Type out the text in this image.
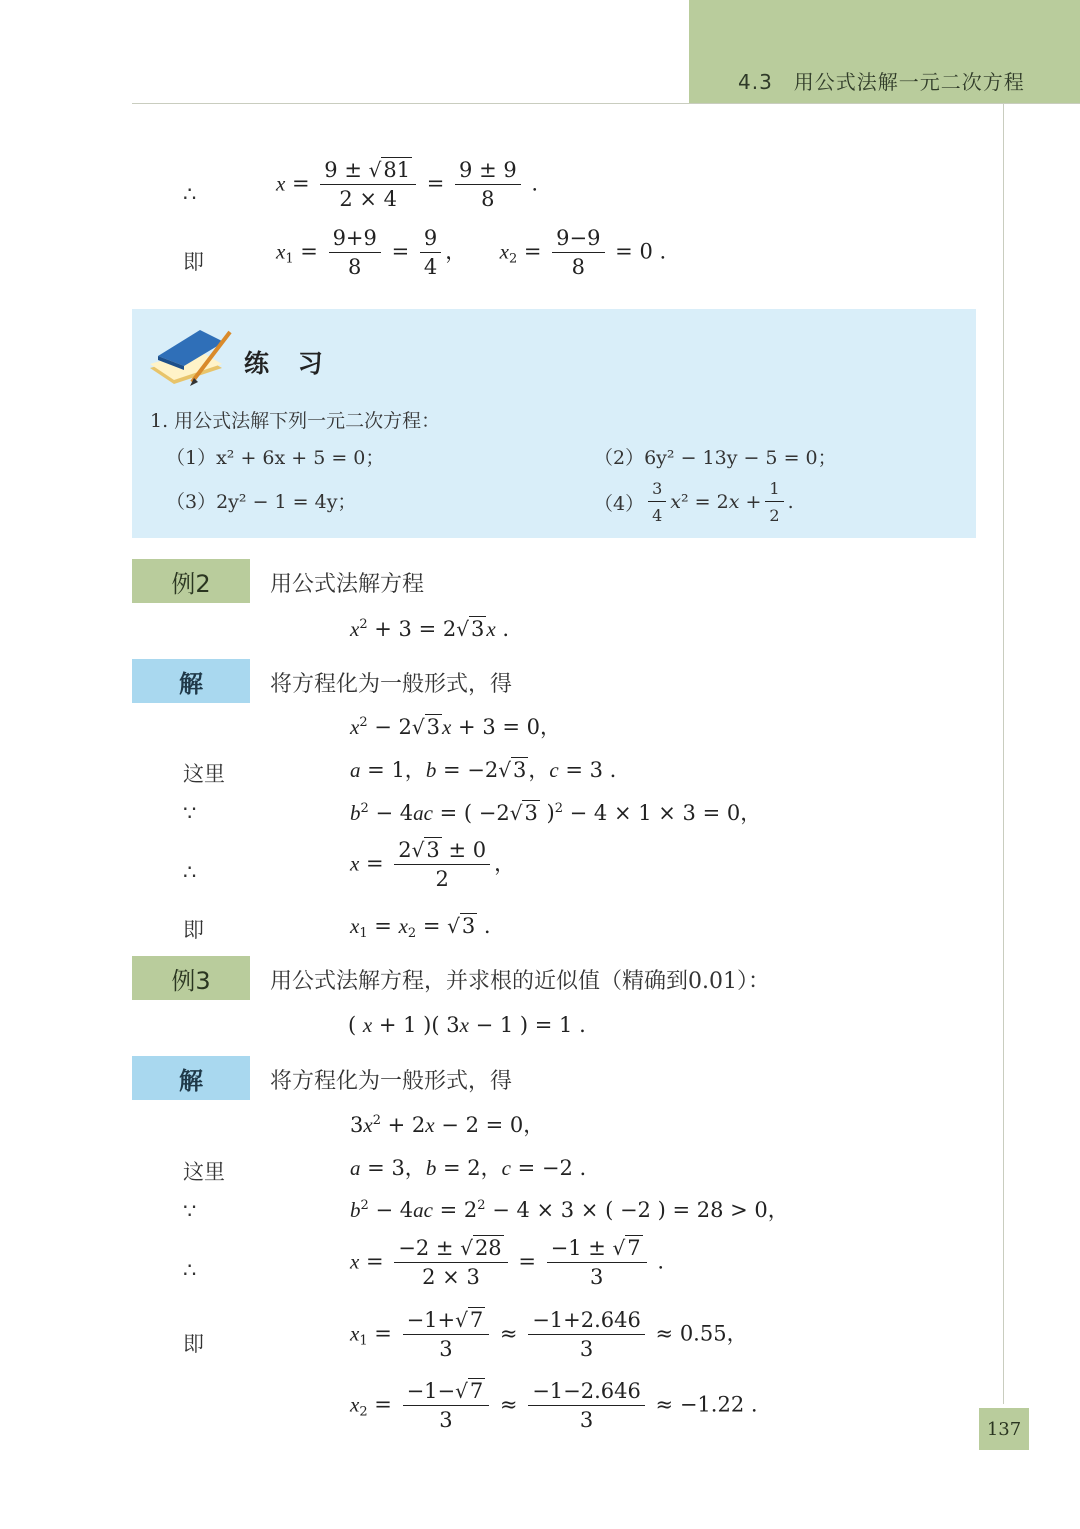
4.3　用公式法解一元二次方程
∴	$x = \frac{9 \pm √81}{2 \times 4} = \frac{9 \pm 9}{8}$ .
即	$x_1 = \frac{9+9}{8} = \frac{9}{4}$ ，     $x_2 = \frac{9-9}{8} = 0$ .
练 习
1. 用公式法解下列一元二次方程：
（1）x² + 6x + 5 = 0；	（2）6y² − 13y − 5 = 0；
（3）2y² − 1 = 4y；	$(4) \frac{3}{4} x^2 = 2x + \frac{1}{2}$ .
例2	用公式法解方程
$x^2 + 3 = 2√3x$ .
解	将方程化为一般形式，得
$x^2 - 2√3x + 3 = 0$，
这里	a = 1，b = −2√3，c = 3 .
∵	$b^2 - 4ac$ = ( −2√3 )$^2$ − 4 × 1 × 3 = 0，
∴	$x = \frac{2√3 \pm 0}{2}$ ，
即	$x_1 = x_2 = √3$ .
例3	用公式法解方程，并求根的近似值（精确到0.01）：
( x + 1 )( 3x − 1 ) = 1 .
解	将方程化为一般形式，得
$3x^2 + 2x - 2 = 0$，
这里	a = 3，b = 2，c = −2 .
∵	$b^2 - 4ac = 2^2 - 4 \times 3$ × ( −2 ) = 28 > 0，
∴	$x = \frac{-2 \pm √28}{2 \times 3} = \frac{-1 \pm √7}{3}$ .
即	$x_1 = \frac{-1+√7}{3} \approx \frac{-1+2.646}{3} \approx 0.55$，
$x_2 = \frac{-1-√7}{3} \approx \frac{-1-2.646}{3} \approx -1.22$ .
137
